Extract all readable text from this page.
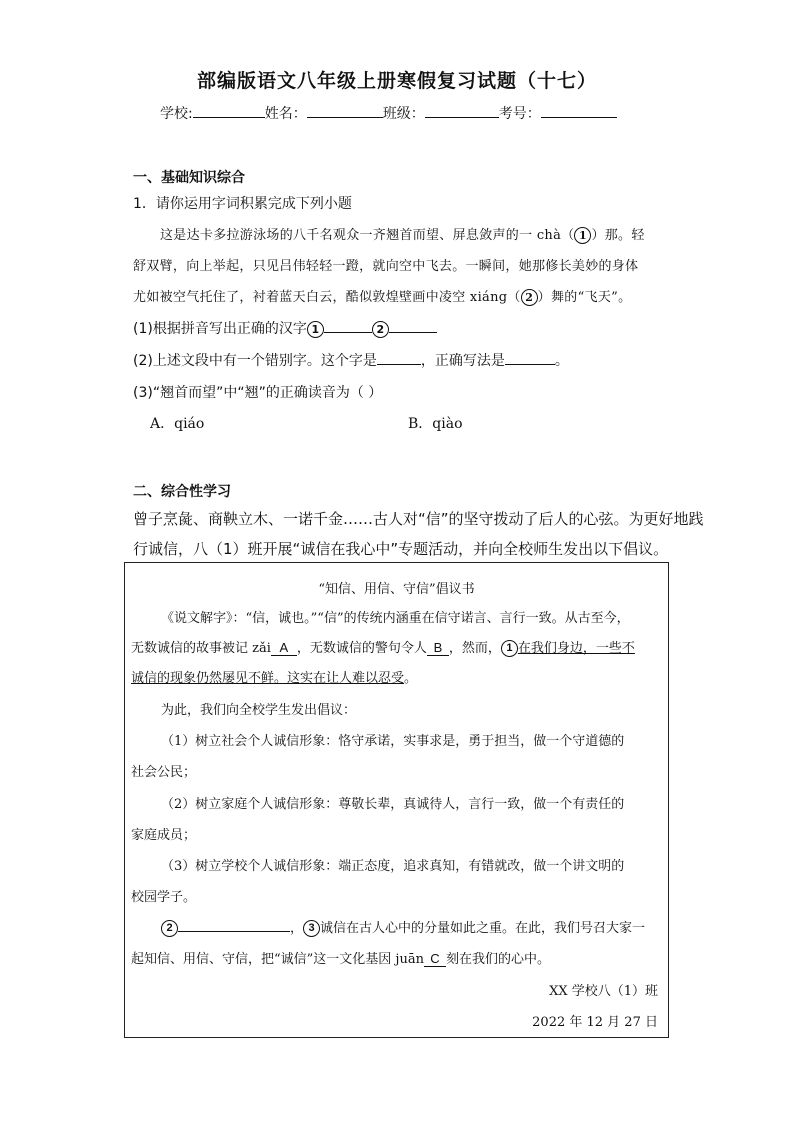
部编版语文八年级上册寒假复习试题（十七）
学校:	姓名：	班级：	考号：
一、基础知识综合
1．请你运用字词积累完成下列小题
这是达卡多拉游泳场的八千名观众一齐翘首而望、屏息敛声的一 chà（ 1 ）那。轻
舒双臂，向上举起，只见吕伟轻轻一蹬，就向空中飞去。一瞬间，她那修长美妙的身体
尤如被空气托住了，衬着蓝天白云，酷似敦煌壁画中凌空 xiáng（ 2 ）舞的“飞天”。
(1)根据拼音写出正确的汉字 1	2
(2)上述文段中有一个错别字。这个字是	，正确写法是	。
(3)“翘首而望”中“翘”的正确读音为（ ）
A．qiáo	B．qiào
二、综合性学习
曾子烹彘、商鞅立木、一诺千金……古人对“信”的坚守拨动了后人的心弦。为更好地践
行诚信，八（1）班开展“诚信在我心中”专题活动，并向全校师生发出以下倡议。
“知信、用信、守信”倡议书
《说文解字》：“信，诚也。”“信”的传统内涵重在信守诺言、言行一致。从古至今，
无数诚信的故事被记 zǎi A ，无数诚信的警句令人 B ，然而， 1 在我们身边，一些不
诚信的现象仍然屡见不鲜。这实在让人难以忍受。
为此，我们向全校学生发出倡议：
（1）树立社会个人诚信形象：恪守承诺，实事求是，勇于担当，做一个守道德的
社会公民；
（2）树立家庭个人诚信形象：尊敬长辈，真诚待人，言行一致，做一个有责任的
家庭成员；
（3）树立学校个人诚信形象：端正态度，追求真知，有错就改，做一个讲文明的
校园学子。
2	， 3 诚信在古人心中的分量如此之重。在此，我们号召大家一
起知信、用信、守信，把“诚信”这一文化基因 juān C 刻在我们的心中。
XX 学校八（1）班
2022 年 12 月 27 日
